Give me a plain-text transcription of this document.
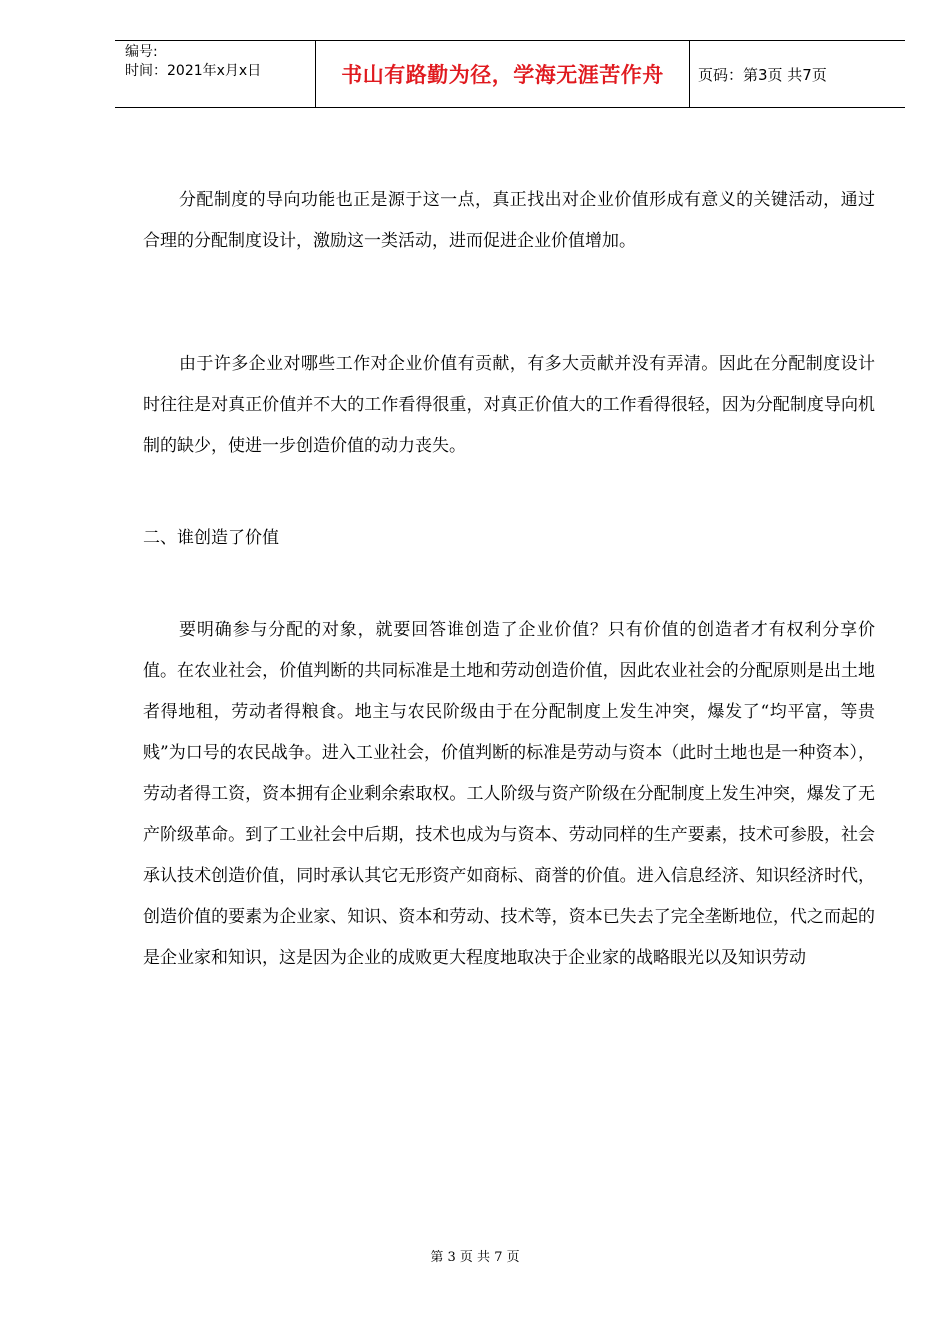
编号:
时间：2021年x月x日	书山有路勤为径，学海无涯苦作舟	页码：第3页 共7页

分配制度的导向功能也正是源于这一点，真正找出对企业价值形成有意义的关键活动，通过合理的分配制度设计，激励这一类活动，进而促进企业价值增加。

由于许多企业对哪些工作对企业价值有贡献，有多大贡献并没有弄清。因此在分配制度设计时往往是对真正价值并不大的工作看得很重，对真正价值大的工作看得很轻，因为分配制度导向机制的缺少，使进一步创造价值的动力丧失。

二、谁创造了价值

要明确参与分配的对象，就要回答谁创造了企业价值？只有价值的创造者才有权利分享价值。在农业社会，价值判断的共同标准是土地和劳动创造价值，因此农业社会的分配原则是出土地者得地租，劳动者得粮食。地主与农民阶级由于在分配制度上发生冲突，爆发了“均平富，等贵贱”为口号的农民战争。进入工业社会，价值判断的标准是劳动与资本（此时土地也是一种资本），劳动者得工资，资本拥有企业剩余索取权。工人阶级与资产阶级在分配制度上发生冲突，爆发了无产阶级革命。到了工业社会中后期，技术也成为与资本、劳动同样的生产要素，技术可参股，社会承认技术创造价值，同时承认其它无形资产如商标、商誉的价值。进入信息经济、知识经济时代，创造价值的要素为企业家、知识、资本和劳动、技术等，资本已失去了完全垄断地位，代之而起的是企业家和知识，这是因为企业的成败更大程度地取决于企业家的战略眼光以及知识劳动

第 3 页 共 7 页
